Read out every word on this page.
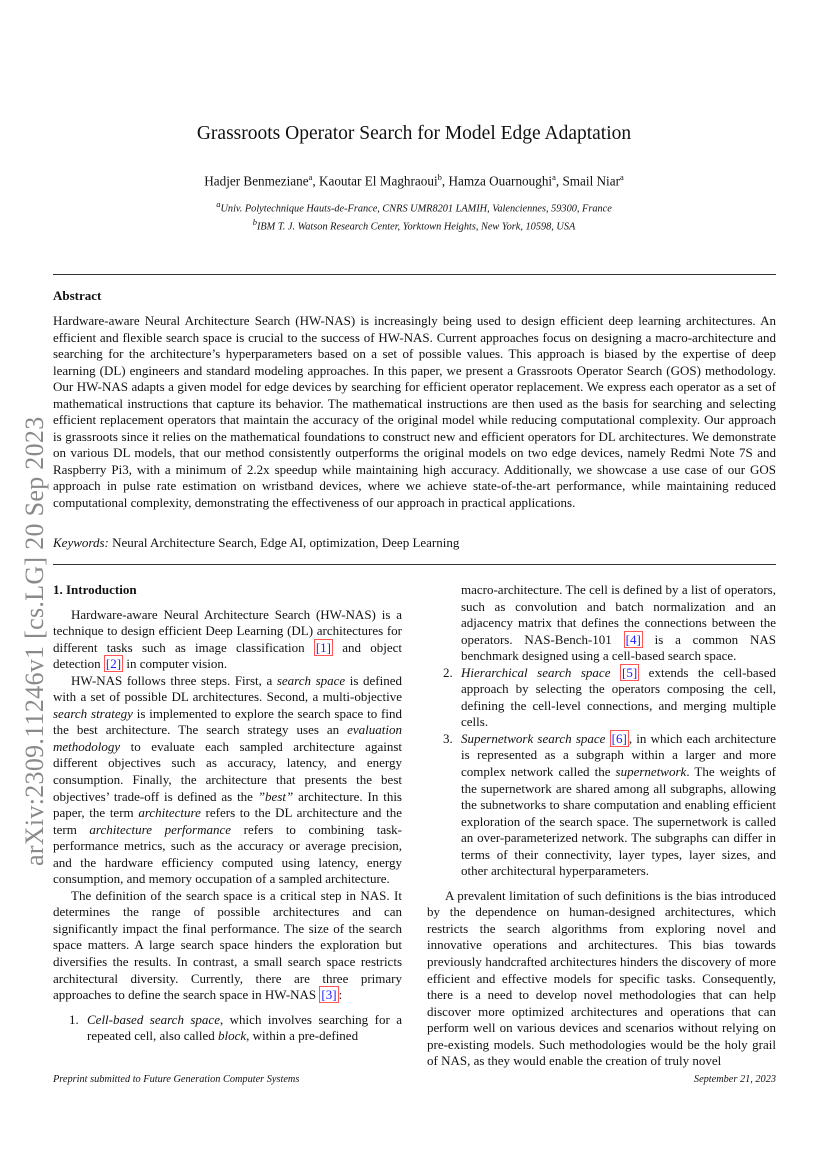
arXiv:2309.11246v1 [cs.LG] 20 Sep 2023
Grassroots Operator Search for Model Edge Adaptation
Hadjer Benmeziane$^a$, Kaoutar El Maghraoui$^b$, Hamza Ouarnoughi$^a$, Smail Niar$^a$
$^a$Univ. Polytechnique Hauts-de-France, CNRS UMR8201 LAMIH, Valenciennes, 59300, France
$^b$IBM T. J. Watson Research Center, Yorktown Heights, New York, 10598, USA
Abstract

Hardware-aware Neural Architecture Search (HW-NAS) is increasingly being used to design efficient deep learning architectures. An efficient and flexible search space is crucial to the success of HW-NAS. Current approaches focus on designing a macro-architecture and searching for the architecture’s hyperparameters based on a set of possible values. This approach is biased by the expertise of deep learning (DL) engineers and standard modeling approaches. In this paper, we present a Grassroots Operator Search (GOS) methodology. Our HW-NAS adapts a given model for edge devices by searching for efficient operator replacement. We express each operator as a set of mathematical instructions that capture its behavior. The mathematical instructions are then used as the basis for searching and selecting efficient replacement operators that maintain the accuracy of the original model while reducing computational complexity. Our approach is grassroots since it relies on the mathematical foundations to construct new and efficient operators for DL architectures. We demonstrate on various DL models, that our method consistently outperforms the original models on two edge devices, namely Redmi Note 7S and Raspberry Pi3, with a minimum of 2.2x speedup while maintaining high accuracy. Additionally, we showcase a use case of our GOS approach in pulse rate estimation on wristband devices, where we achieve state-of-the-art performance, while maintaining reduced computational complexity, demonstrating the effectiveness of our approach in practical applications.

Keywords: Neural Architecture Search, Edge AI, optimization, Deep Learning

1. Introduction

Hardware-aware Neural Architecture Search (HW-NAS) is a technique to design efficient Deep Learning (DL) architectures for different tasks such as image classification [1] and object detection [2] in computer vision.

HW-NAS follows three steps. First, a search space is defined with a set of possible DL architectures. Second, a multi-objective search strategy is implemented to explore the search space to find the best architecture. The search strategy uses an evaluation methodology to evaluate each sampled architecture against different objectives such as accuracy, latency, and energy consumption. Finally, the architecture that presents the best objectives’ trade-off is defined as the ”best” architecture. In this paper, the term architecture refers to the DL architecture and the term architecture performance refers to combining task-performance metrics, such as the accuracy or average precision, and the hardware efficiency computed using latency, energy consumption, and memory occupation of a sampled architecture.

The definition of the search space is a critical step in NAS. It determines the range of possible architectures and can significantly impact the final performance. The size of the search space matters. A large search space hinders the exploration but diversifies the results. In contrast, a small search space restricts architectural diversity. Currently, there are three primary approaches to define the search space in HW-NAS [3] :

1. Cell-based search space, which involves searching for a repeated cell, also called block, within a pre-defined
macro-architecture. The cell is defined by a list of operators, such as convolution and batch normalization and an adjacency matrix that defines the connections between the operators. NAS-Bench-101 [4] is a common NAS benchmark designed using a cell-based search space.
2. Hierarchical search space [5] extends the cell-based approach by selecting the operators composing the cell, defining the cell-level connections, and merging multiple cells.
3. Supernetwork search space [6] , in which each architecture is represented as a subgraph within a larger and more complex network called the supernetwork. The weights of the supernetwork are shared among all subgraphs, allowing the subnetworks to share computation and enabling efficient exploration of the search space. The supernetwork is called an over-parameterized network. The subgraphs can differ in terms of their connectivity, layer types, layer sizes, and other architectural hyperparameters.

A prevalent limitation of such definitions is the bias introduced by the dependence on human-designed architectures, which restricts the search algorithms from exploring novel and innovative operations and architectures. This bias towards previously handcrafted architectures hinders the discovery of more efficient and effective models for specific tasks. Consequently, there is a need to develop novel methodologies that can help discover more optimized architectures and operations that can perform well on various devices and scenarios without relying on pre-existing models. Such methodologies would be the holy grail of NAS, as they would enable the creation of truly novel

Preprint submitted to Future Generation Computer Systems	September 21, 2023
